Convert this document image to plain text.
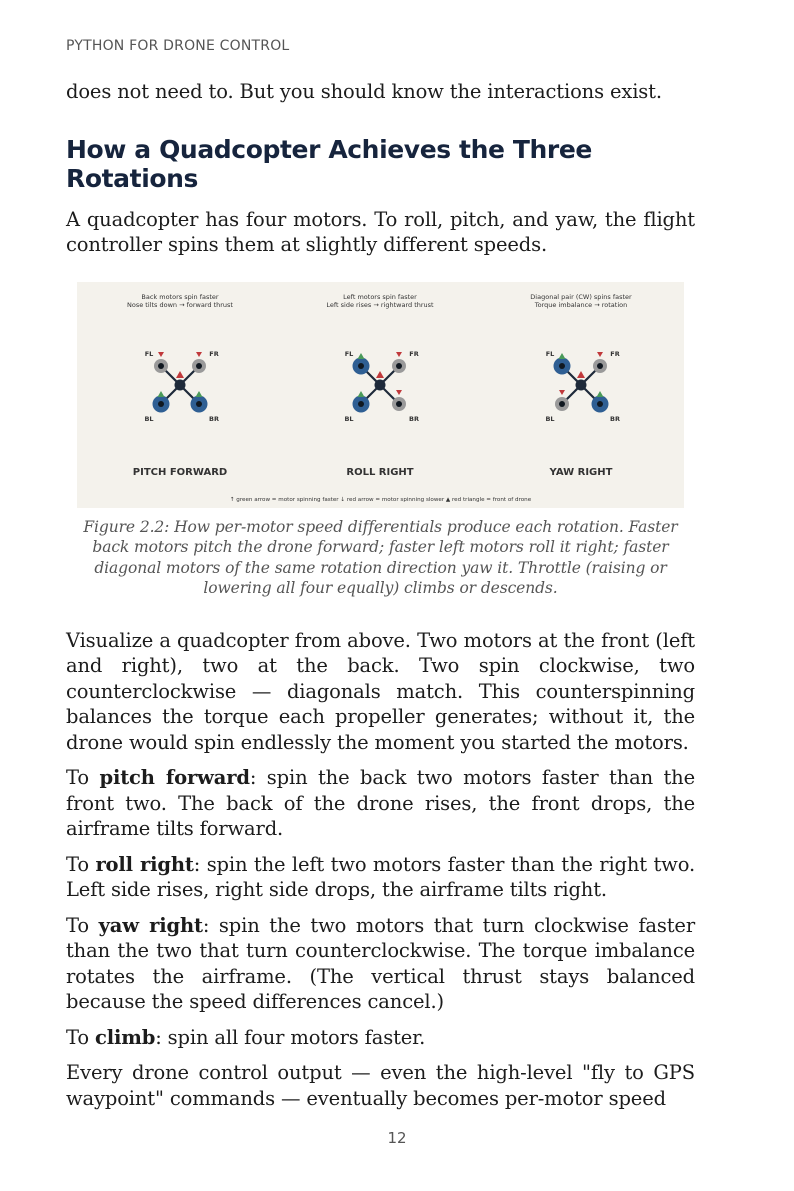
PYTHON FOR DRONE CONTROL

does not need to. But you should know the interactions exist.

How a Quadcopter Achieves the Three Rotations

A quadcopter has four motors. To roll, pitch, and yaw, the flight controller spins them at slightly different speeds.

Back motors spin faster
Nose tilts down → forward thrust
FL	FR
BL	BR
PITCH FORWARD
Left motors spin faster
Left side rises → rightward thrust
FL	FR
BL	BR
ROLL RIGHT
Diagonal pair (CW) spins faster
Torque imbalance → rotation
FL	FR
BL	BR
YAW RIGHT
↑ green arrow = motor spinning faster ↓ red arrow = motor spinning slower ▲ red triangle = front of drone

Figure 2.2: How per-motor speed differentials produce each rotation. Faster back motors pitch the drone forward; faster left motors roll it right; faster diagonal motors of the same rotation direction yaw it. Throttle (raising or lowering all four equally) climbs or descends.

Visualize a quadcopter from above. Two motors at the front (left and right), two at the back. Two spin clockwise, two counterclockwise — diagonals match. This counterspinning balances the torque each propeller generates; without it, the drone would spin endlessly the moment you started the motors.

To pitch forward: spin the back two motors faster than the front two. The back of the drone rises, the front drops, the airframe tilts forward.

To roll right: spin the left two motors faster than the right two. Left side rises, right side drops, the airframe tilts right.

To yaw right: spin the two motors that turn clockwise faster than the two that turn counterclockwise. The torque imbalance rotates the airframe. (The vertical thrust stays balanced because the speed differences cancel.)

To climb: spin all four motors faster.

Every drone control output — even the high-level "fly to GPS waypoint" commands — eventually becomes per-motor speed

12
